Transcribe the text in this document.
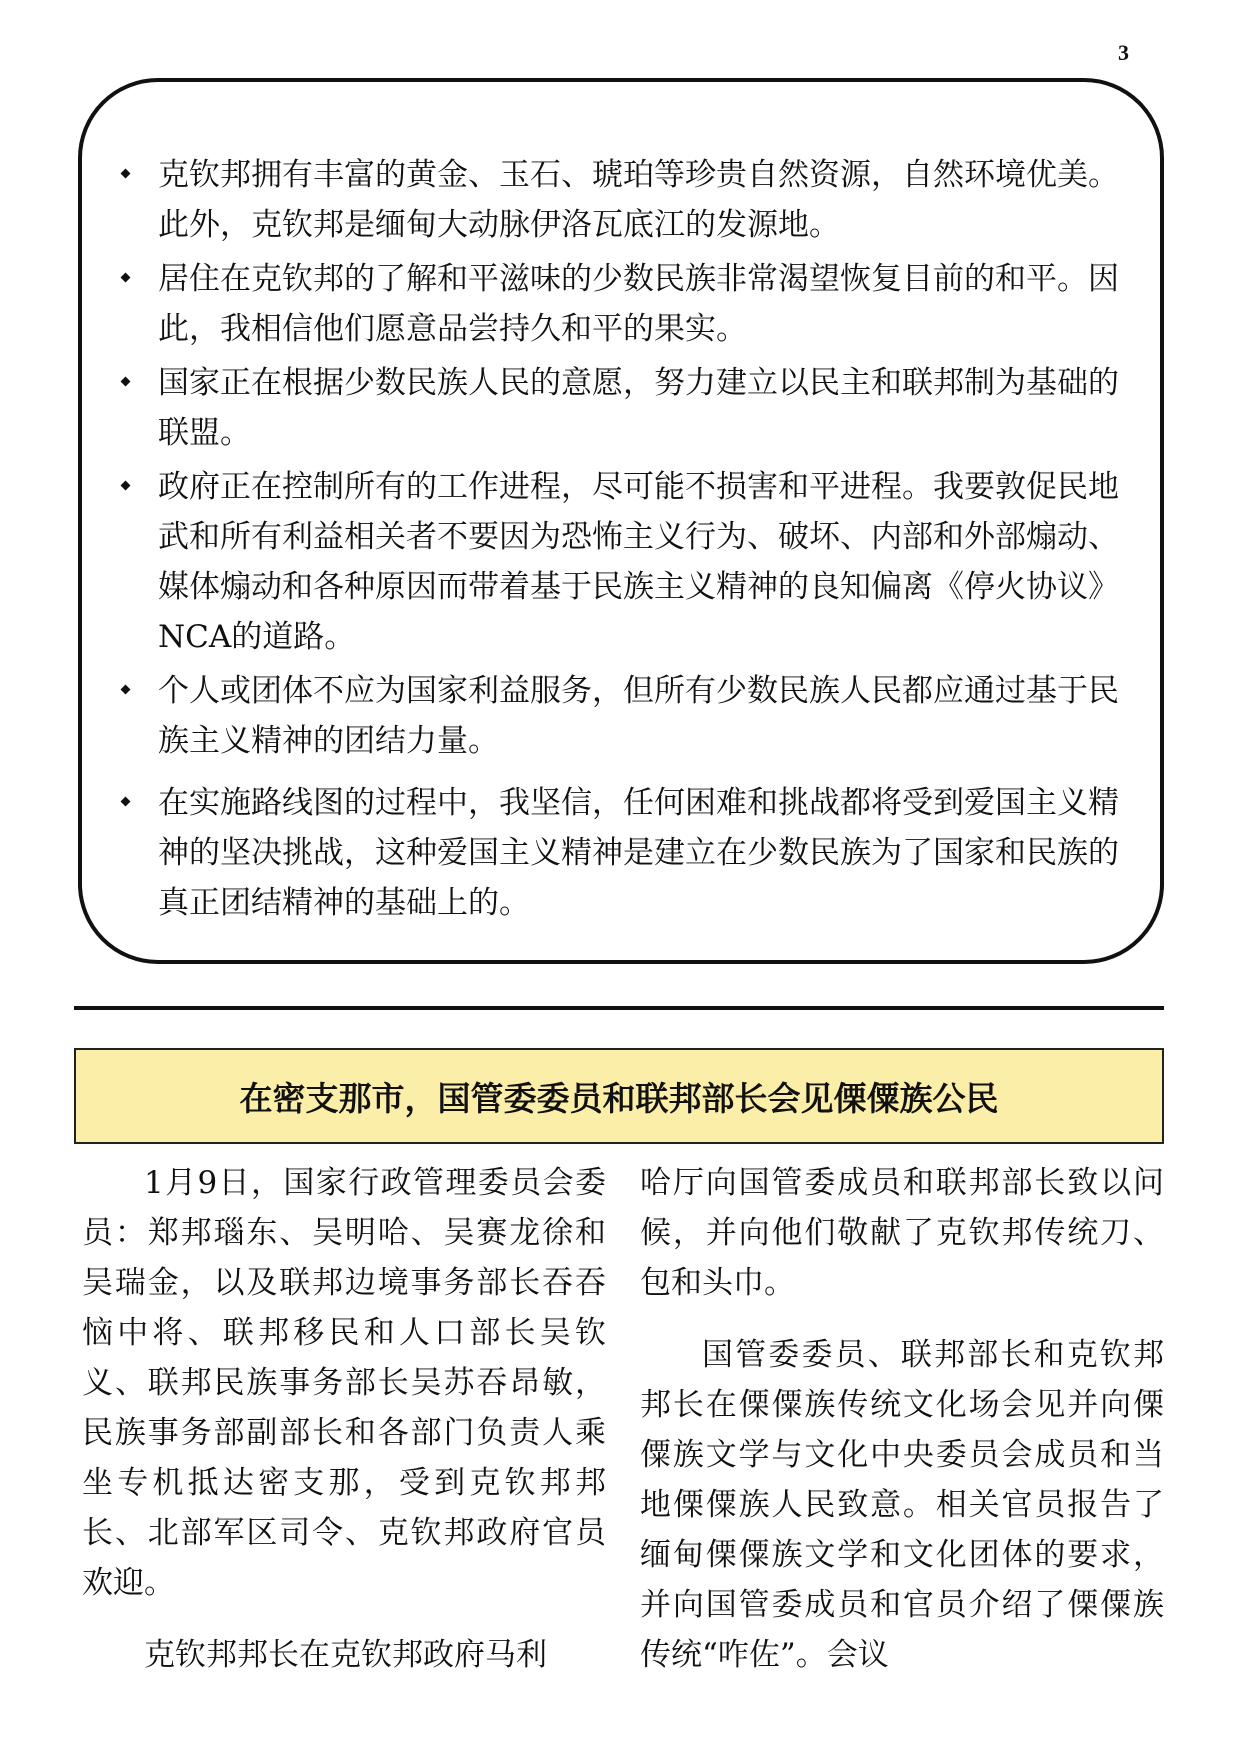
3
克钦邦拥有丰富的黄金、玉石、琥珀等珍贵自然资源，自然环境优美。此外，克钦邦是缅甸大动脉伊洛瓦底江的发源地。
居住在克钦邦的了解和平滋味的少数民族非常渴望恢复目前的和平。因此，我相信他们愿意品尝持久和平的果实。
国家正在根据少数民族人民的意愿，努力建立以民主和联邦制为基础的联盟。
政府正在控制所有的工作进程，尽可能不损害和平进程。我要敦促民地武和所有利益相关者不要因为恐怖主义行为、破坏、内部和外部煽动、媒体煽动和各种原因而带着基于民族主义精神的良知偏离《停火协议》NCA的道路。
个人或团体不应为国家利益服务，但所有少数民族人民都应通过基于民族主义精神的团结力量。
在实施路线图的过程中，我坚信，任何困难和挑战都将受到爱国主义精神的坚决挑战，这种爱国主义精神是建立在少数民族为了国家和民族的真正团结精神的基础上的。
在密支那市，国管委委员和联邦部长会见傈僳族公民

1月9日，国家行政管理委员会委员：郑邦瑙东、吴明哈、吴赛龙徐和吴瑞金，以及联邦边境事务部长吞吞恼中将、联邦移民和人口部长吴钦义、联邦民族事务部长吴苏吞昂敏，民族事务部副部长和各部门负责人乘坐专机抵达密支那，受到克钦邦邦长、北部军区司令、克钦邦政府官员欢迎。

克钦邦邦长在克钦邦政府马利

哈厅向国管委成员和联邦部长致以问候，并向他们敬献了克钦邦传统刀、包和头巾。

国管委委员、联邦部长和克钦邦邦长在傈僳族传统文化场会见并向傈僳族文学与文化中央委员会成员和当地傈僳族人民致意。相关官员报告了缅甸傈僳族文学和文化团体的要求，并向国管委成员和官员介绍了傈僳族传统“咋佐”。会议
